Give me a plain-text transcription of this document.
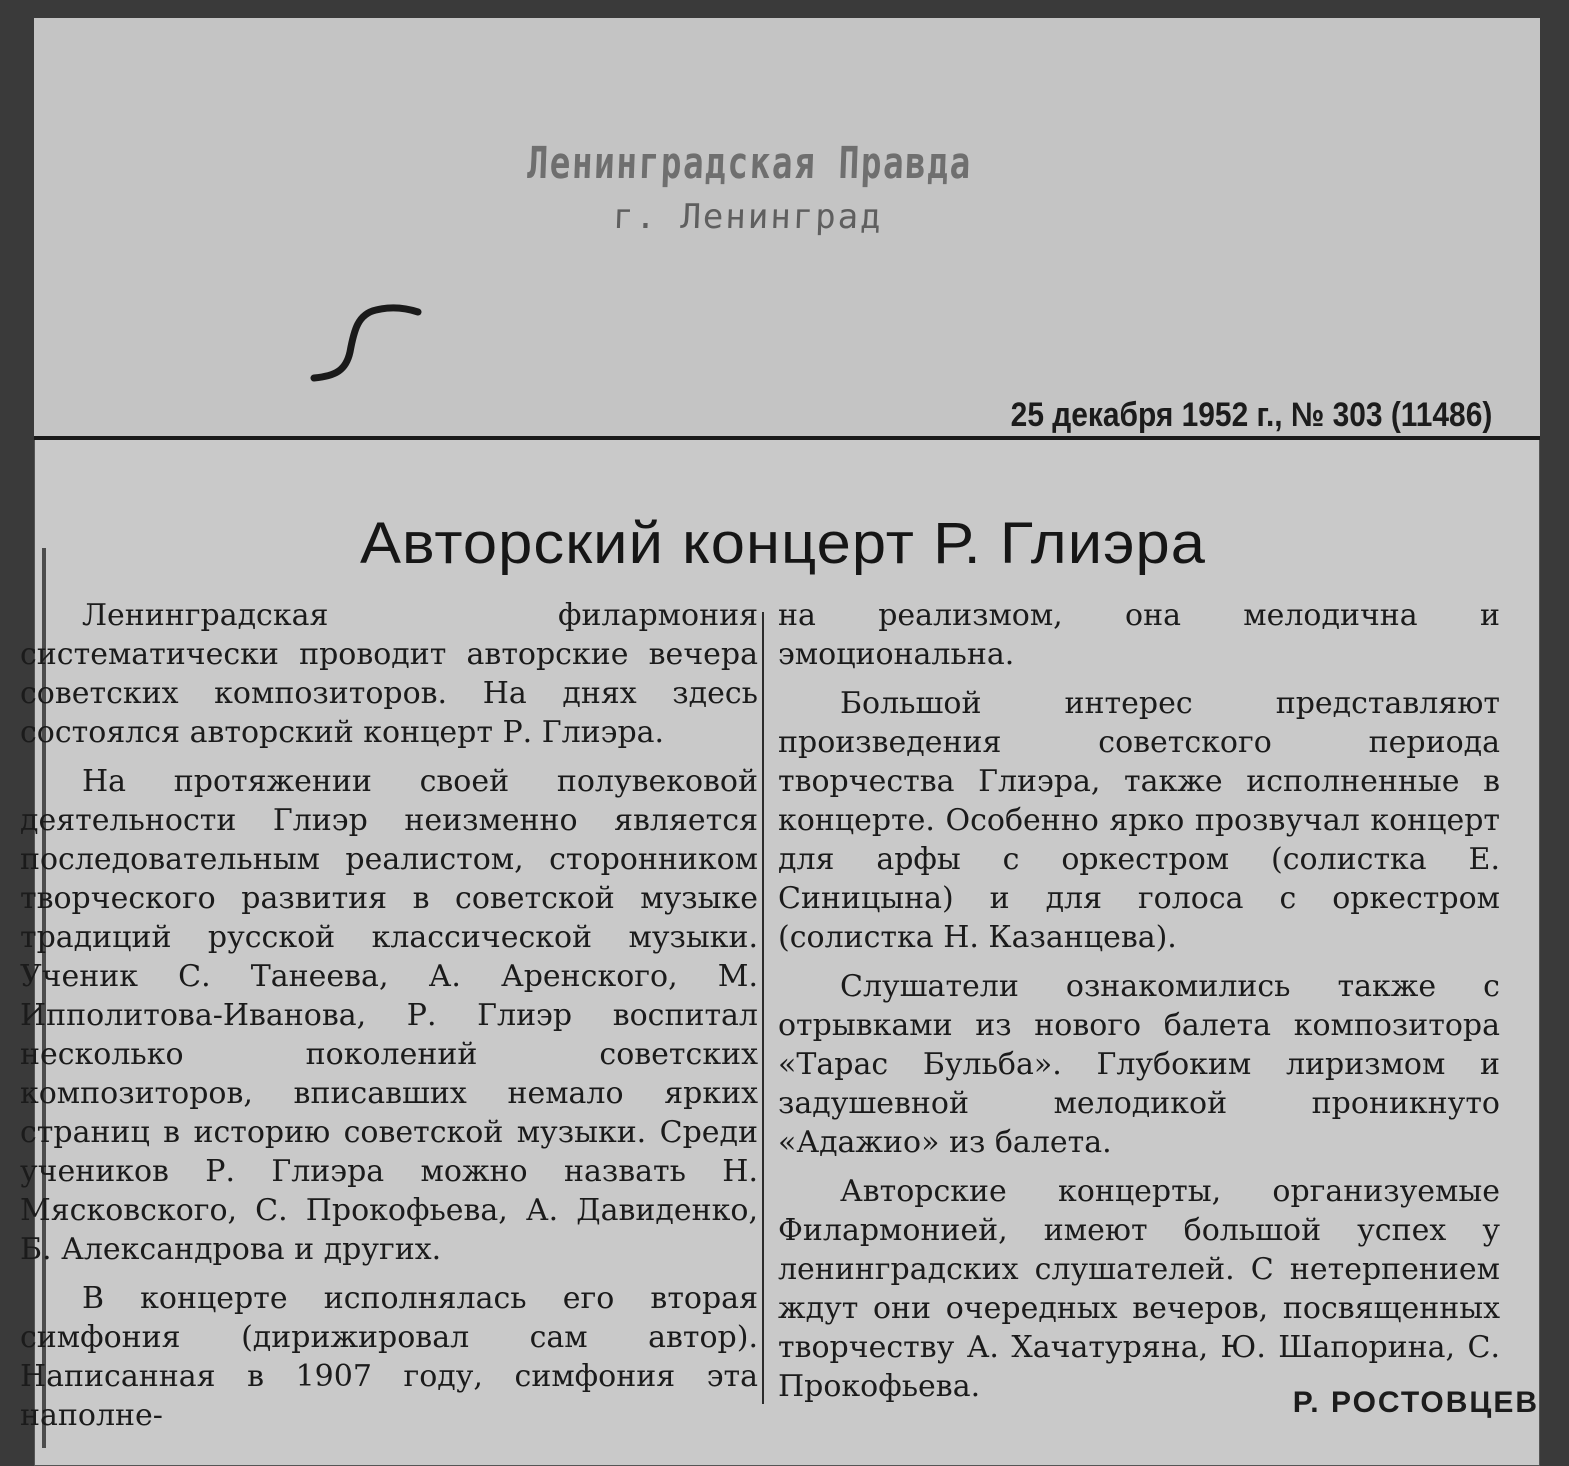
Ленинградская Правда
г. Ленинград
25 декабря 1952 г., № 303 (11486)
Авторский концерт Р. Глиэра

Ленинградская филармония систематически проводит авторские вечера советских композиторов. На днях здесь состоялся авторский концерт Р. Глиэра.

На протяжении своей полувековой деятельности Глиэр неизменно является последовательным реалистом, сторонником творческого развития в советской музыке традиций русской классической музыки. Ученик С. Танеева, А. Аренского, М. Ипполитова-Иванова, Р. Глиэр воспитал несколько поколений советских композиторов, вписавших немало ярких страниц в историю советской музыки. Среди учеников Р. Глиэра можно назвать Н. Мясковского, С. Прокофьева, А. Давиденко, Б. Александрова и других.

В концерте исполнялась его вторая симфония (дирижировал сам автор). Написанная в 1907 году, симфония эта наполне-

на реализмом, она мелодична и эмоциональна.

Большой интерес представляют произведения советского периода творчества Глиэра, также исполненные в концерте. Особенно ярко прозвучал концерт для арфы с оркестром (солистка Е. Синицына) и для голоса с оркестром (солистка Н. Казанцева).

Слушатели ознакомились также с отрывками из нового балета композитора «Тарас Бульба». Глубоким лиризмом и задушевной мелодикой проникнуто «Адажио» из балета.

Авторские концерты, организуемые Филармонией, имеют большой успех у ленинградских слушателей. С нетерпением ждут они очередных вечеров, посвященных творчеству А. Хачатуряна, Ю. Шапорина, С. Прокофьева.	Р. РОСТОВЦЕВ
